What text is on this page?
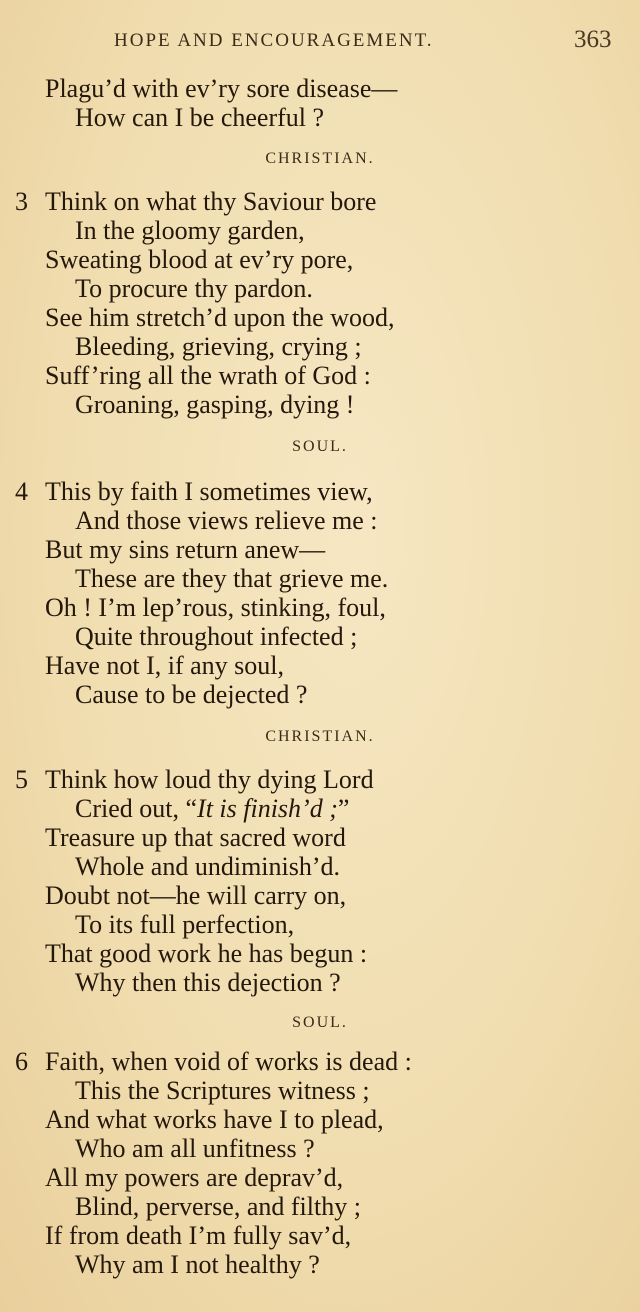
HOPE AND ENCOURAGEMENT.	363
Plagu’d with ev’ry sore disease—
How can I be cheerful ?
CHRISTIAN.
3 Think on what thy Saviour bore
In the gloomy garden,
Sweating blood at ev’ry pore,
To procure thy pardon.
See him stretch’d upon the wood,
Bleeding, grieving, crying ;
Suff’ring all the wrath of God :
Groaning, gasping, dying !
SOUL.
4 This by faith I sometimes view,
And those views relieve me :
But my sins return anew—
These are they that grieve me.
Oh ! I’m lep’rous, stinking, foul,
Quite throughout infected ;
Have not I, if any soul,
Cause to be dejected ?
CHRISTIAN.
5 Think how loud thy dying Lord
Cried out, “It is finish’d ;”
Treasure up that sacred word
Whole and undiminish’d.
Doubt not—he will carry on,
To its full perfection,
That good work he has begun :
Why then this dejection ?
SOUL.
6 Faith, when void of works is dead :
This the Scriptures witness ;
And what works have I to plead,
Who am all unfitness ?
All my powers are deprav’d,
Blind, perverse, and filthy ;
If from death I’m fully sav’d,
Why am I not healthy ?
